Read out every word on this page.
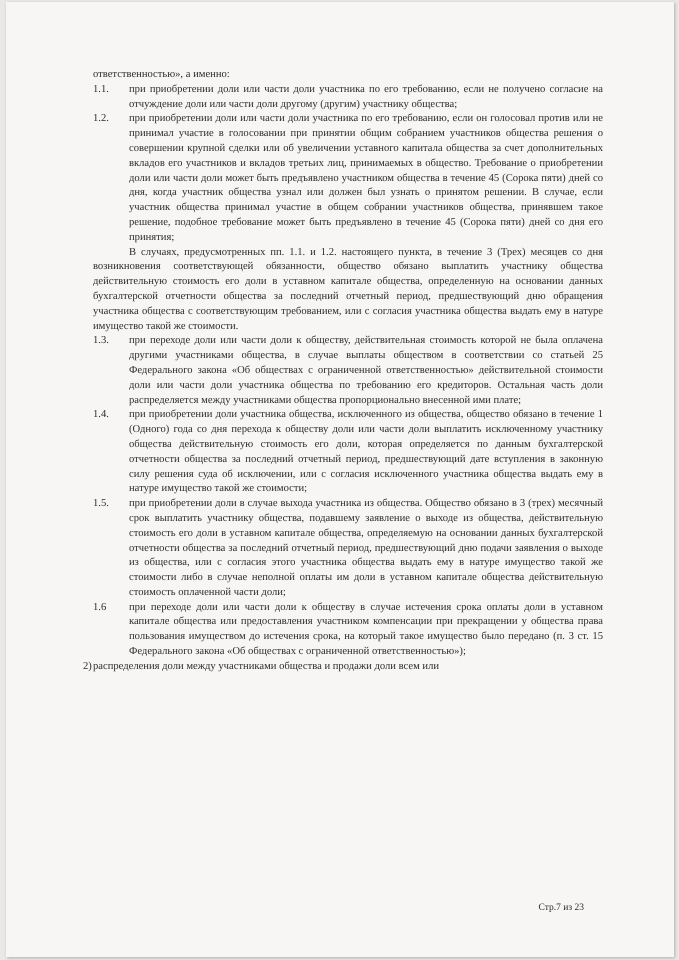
ответственностью», а именно:

1.1.	при приобретении доли или части доли участника по его требованию, если не получено согласие на отчуждение доли или части доли другому (другим) участнику общества;

1.2.	при приобретении доли или части доли участника по его требованию, если он голосовал против или не принимал участие в голосовании при принятии общим собранием участников общества решения о совершении крупной сделки или об увеличении уставного капитала общества за счет дополнительных вкладов его участников и вкладов третьих лиц, принимаемых в общество. Требование о приобретении доли или части доли может быть предъявлено участником общества в течение 45 (Сорока пяти) дней со дня, когда участник общества узнал или должен был узнать о принятом решении. В случае, если участник общества принимал участие в общем собрании участников общества, принявшем такое решение, подобное требование может быть предъявлено в течение 45 (Сорока пяти) дней со дня его принятия;

В случаях, предусмотренных пп. 1.1. и 1.2. настоящего пункта, в течение 3 (Трех) месяцев со дня возникновения соответствующей обязанности, общество обязано выплатить участнику общества действительную стоимость его доли в уставном капитале общества, определенную на основании данных бухгалтерской отчетности общества за последний отчетный период, предшествующий дню обращения участника общества с соответствующим требованием, или с согласия участника общества выдать ему в натуре имущество такой же стоимости.

1.3.	при переходе доли или части доли к обществу, действительная стоимость которой не была оплачена другими участниками общества, в случае выплаты обществом в соответствии со статьей 25 Федерального закона «Об обществах с ограниченной ответственностью» действительной стоимости доли или части доли участника общества по требованию его кредиторов. Остальная часть доли распределяется между участниками общества пропорционально внесенной ими плате;

1.4.	при приобретении доли участника общества, исключенного из общества, общество обязано в течение 1 (Одного) года со дня перехода к обществу доли или части доли выплатить исключенному участнику общества действительную стоимость его доли, которая определяется по данным бухгалтерской отчетности общества за последний отчетный период, предшествующий дате вступления в законную силу решения суда об исключении, или с согласия исключенного участника общества выдать ему в натуре имущество такой же стоимости;

1.5.	при приобретении доли в случае выхода участника из общества. Общество обязано в 3 (трех) месячный срок выплатить участнику общества, подавшему заявление о выходе из общества, действительную стоимость его доли в уставном капитале общества, определяемую на основании данных бухгалтерской отчетности общества за последний отчетный период, предшествующий дню подачи заявления о выходе из общества, или с согласия этого участника общества выдать ему в натуре имущество такой же стоимости либо в случае неполной оплаты им доли в уставном капитале общества действительную стоимость оплаченной части доли;

1.6	при переходе доли или части доли к обществу в случае истечения срока оплаты доли в уставном капитале общества или предоставления участником компенсации при прекращении у общества права пользования имуществом до истечения срока, на который такое имущество было передано (п. 3 ст. 15 Федерального закона «Об обществах с ограниченной ответственностью»);

2) распределения доли между участниками общества и продажи доли всем или

Стр.7 из 23
